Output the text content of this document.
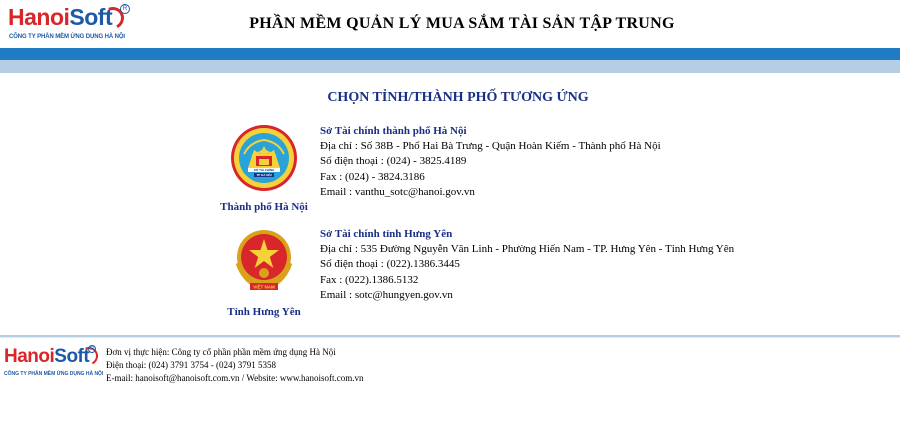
HanoiSoft	R
CÔNG TY PHẦN MỀM ỨNG DỤNG HÀ NỘI
PHẦN MỀM QUẢN LÝ MUA SẮM TÀI SẢN TẬP TRUNG
CHỌN TỈNH/THÀNH PHỐ TƯƠNG ỨNG
SỞ TÀI CHÍNH
TP HÀ NỘI
Thành phố Hà Nội
Sở Tài chính thành phố Hà Nội
Địa chỉ : Số 38B - Phố Hai Bà Trưng - Quận Hoàn Kiếm - Thành phố Hà Nội
Số điện thoại : (024) - 3825.4189
Fax : (024) - 3824.3186
Email : vanthu_sotc@hanoi.gov.vn
VIỆT NAM
Tỉnh Hưng Yên
Sở Tài chính tỉnh Hưng Yên
Địa chỉ : 535 Đường Nguyễn Văn Linh - Phường Hiến Nam - TP. Hưng Yên - Tỉnh Hưng Yên
Số điện thoại : (022).1386.3445
Fax : (022).1386.5132
Email : sotc@hungyen.gov.vn
HanoiSoft R
CÔNG TY PHẦN MỀM ỨNG DỤNG HÀ NỘI
Đơn vị thực hiện: Công ty cổ phần phần mềm ứng dụng Hà Nội
Điện thoại: (024) 3791 3754 - (024) 3791 5358
E-mail: hanoisoft@hanoisoft.com.vn / Website: www.hanoisoft.com.vn
